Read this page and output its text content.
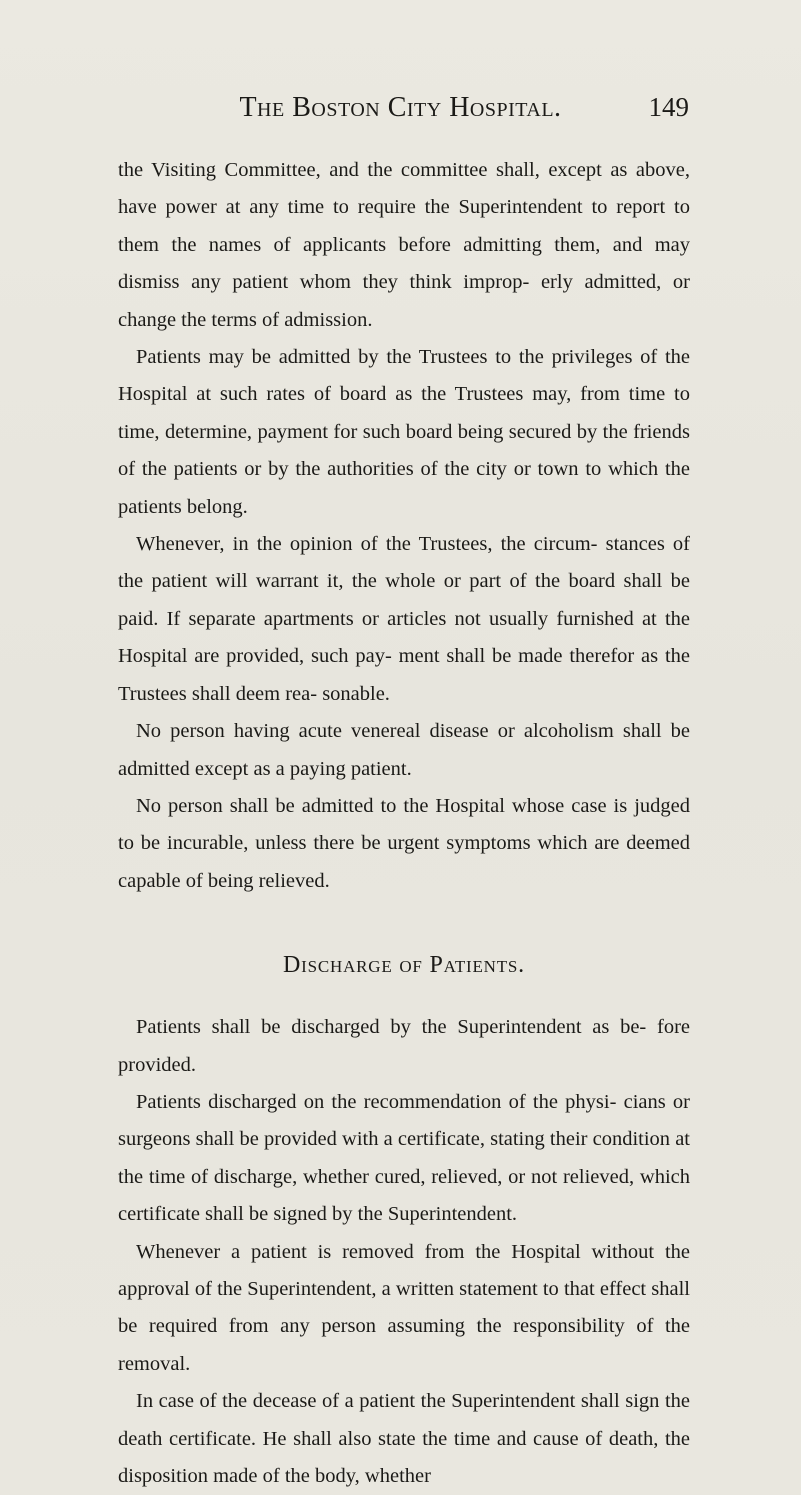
The Boston City Hospital.	149

the Visiting Committee, and the committee shall, except as above, have power at any time to require the Superintendent to report to them the names of applicants before admitting them, and may dismiss any patient whom they think improp- erly admitted, or change the terms of admission.

Patients may be admitted by the Trustees to the privileges of the Hospital at such rates of board as the Trustees may, from time to time, determine, payment for such board being secured by the friends of the patients or by the authorities of the city or town to which the patients belong.

Whenever, in the opinion of the Trustees, the circum- stances of the patient will warrant it, the whole or part of the board shall be paid. If separate apartments or articles not usually furnished at the Hospital are provided, such pay- ment shall be made therefor as the Trustees shall deem rea- sonable.

No person having acute venereal disease or alcoholism shall be admitted except as a paying patient.

No person shall be admitted to the Hospital whose case is judged to be incurable, unless there be urgent symptoms which are deemed capable of being relieved.

Discharge of Patients.

Patients shall be discharged by the Superintendent as be- fore provided.

Patients discharged on the recommendation of the physi- cians or surgeons shall be provided with a certificate, stating their condition at the time of discharge, whether cured, relieved, or not relieved, which certificate shall be signed by the Superintendent.

Whenever a patient is removed from the Hospital without the approval of the Superintendent, a written statement to that effect shall be required from any person assuming the responsibility of the removal.

In case of the decease of a patient the Superintendent shall sign the death certificate. He shall also state the time and cause of death, the disposition made of the body, whether
